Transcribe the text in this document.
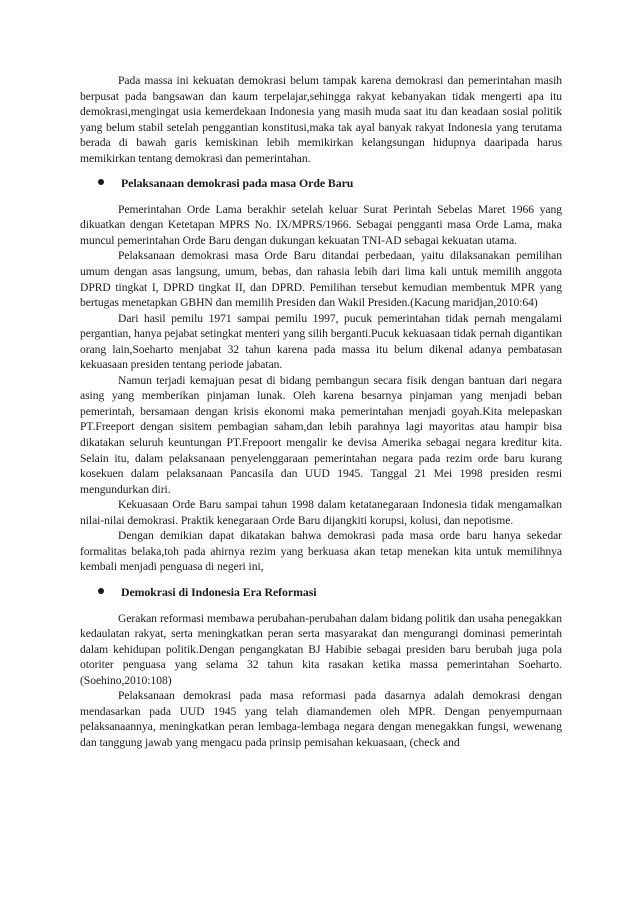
Pada massa ini kekuatan demokrasi belum tampak karena demokrasi dan pemerintahan masih berpusat pada bangsawan dan kaum terpelajar,sehingga rakyat kebanyakan tidak mengerti apa itu demokrasi,mengingat usia kemerdekaan Indonesia yang masih muda saat itu dan keadaan sosial politik yang belum stabil setelah penggantian konstitusi,maka tak ayal banyak rakyat Indonesia yang terutama berada di bawah garis kemiskinan lebih memikirkan kelangsungan hidupnya daaripada harus memikirkan tentang demokrasi dan pemerintahan.

Pelaksanaan demokrasi pada masa Orde Baru

Pemerintahan Orde Lama berakhir setelah keluar Surat Perintah Sebelas Maret 1966 yang dikuatkan dengan Ketetapan MPRS No. IX/MPRS/1966. Sebagai pengganti masa Orde Lama, maka muncul pemerintahan Orde Baru dengan dukungan kekuatan TNI-AD sebagai kekuatan utama.

Pelaksanaan demokrasi masa Orde Baru ditandai perbedaan, yaitu dilaksanakan pemilihan umum dengan asas langsung, umum, bebas, dan rahasia lebih dari lima kali untuk memilih anggota DPRD tingkat I, DPRD tingkat II, dan DPRD. Pemilihan tersebut kemudian membentuk MPR yang bertugas menetapkan GBHN dan memilih Presiden dan Wakil Presiden.(Kacung maridjan,2010:64)

Dari hasil pemilu 1971 sampai pemilu 1997, pucuk pemerintahan tidak pernah mengalami pergantian, hanya pejabat setingkat menteri yang silih berganti.Pucuk kekuasaan tidak pernah digantikan orang lain,Soeharto menjabat 32 tahun karena pada massa itu belum dikenal adanya pembatasan kekuasaan presiden tentang periode jabatan.

Namun terjadi kemajuan pesat di bidang pembangun secara fisik dengan bantuan dari negara asing yang memberikan pinjaman lunak. Oleh karena besarnya pinjaman yang menjadi beban pemerintah, bersamaan dengan krisis ekonomi maka pemerintahan menjadi goyah.Kita melepaskan PT.Freeport dengan sisitem pembagian saham,dan lebih parahnya lagi mayoritas atau hampir bisa dikatakan seluruh keuntungan PT.Frepoort mengalir ke devisa Amerika sebagai negara kreditur kita. Selain itu, dalam pelaksanaan penyelenggaraan pemerintahan negara pada rezim orde baru kurang kosekuen dalam pelaksanaan Pancasila dan UUD 1945. Tanggal 21 Mei 1998 presiden resmi mengundurkan diri.

Kekuasaan Orde Baru sampai tahun 1998 dalam ketatanegaraan Indonesia tidak mengamalkan nilai-nilai demokrasi. Praktik kenegaraan Orde Baru dijangkiti korupsi, kolusi, dan nepotisme.

Dengan demikian dapat dikatakan bahwa demokrasi pada masa orde baru hanya sekedar formalitas belaka,toh pada ahirnya rezim yang berkuasa akan tetap menekan kita untuk memilihnya kembali menjadi penguasa di negeri ini,

Demokrasi di Indonesia Era Reformasi

Gerakan reformasi membawa perubahan-perubahan dalam bidang politik dan usaha penegakkan kedaulatan rakyat, serta meningkatkan peran serta masyarakat dan mengurangi dominasi pemerintah dalam kehidupan politik.Dengan pengangkatan BJ Habibie sebagai presiden baru berubah juga pola otoriter penguasa yang selama 32 tahun kita rasakan ketika massa pemerintahan Soeharto.(Soehino,2010:108)

Pelaksanaan demokrasi pada masa reformasi pada dasarnya adalah demokrasi dengan mendasarkan pada UUD 1945 yang telah diamandemen oleh MPR. Dengan penyempurnaan pelaksanaannya, meningkatkan peran lembaga-lembaga negara dengan menegakkan fungsi, wewenang dan tanggung jawab yang mengacu pada prinsip pemisahan kekuasaan, (check and
